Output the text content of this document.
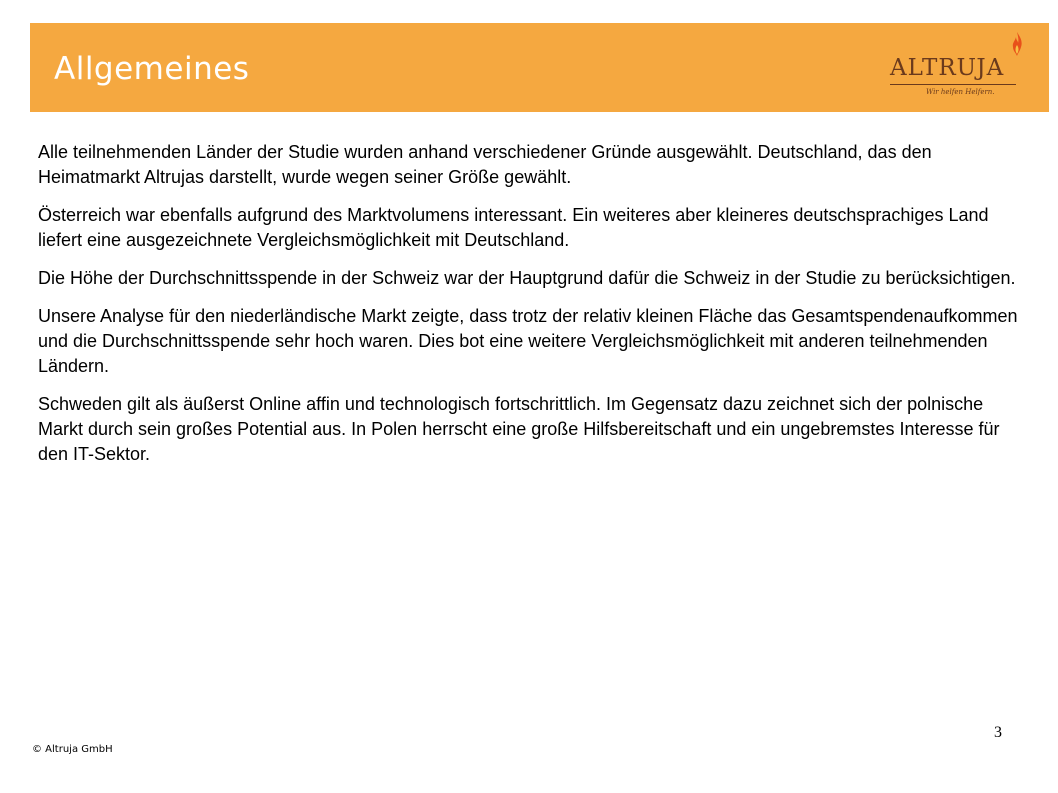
Allgemeines	ALTRUJA
Wir helfen Helfern.

Alle teilnehmenden Länder der Studie wurden anhand verschiedener Gründe ausgewählt. Deutschland, das den Heimatmarkt Altrujas darstellt, wurde wegen seiner Größe gewählt.

Österreich war ebenfalls aufgrund des Marktvolumens interessant. Ein weiteres aber kleineres deutschsprachiges Land liefert eine ausgezeichnete Vergleichsmöglichkeit mit Deutschland.

Die Höhe der Durchschnittsspende in der Schweiz war der Hauptgrund dafür die Schweiz in der Studie zu berücksichtigen.

Unsere Analyse für den niederländische Markt zeigte, dass trotz der relativ kleinen Fläche das Gesamtspendenaufkommen und die Durchschnittsspende sehr hoch waren. Dies bot eine weitere Vergleichsmöglichkeit mit anderen teilnehmenden Ländern.

Schweden gilt als äußerst Online affin und technologisch fortschrittlich. Im Gegensatz dazu zeichnet sich der polnische Markt durch sein großes Potential aus. In Polen herrscht eine große Hilfsbereitschaft und ein ungebremstes Interesse für den IT-Sektor.

© Altruja GmbH
3
